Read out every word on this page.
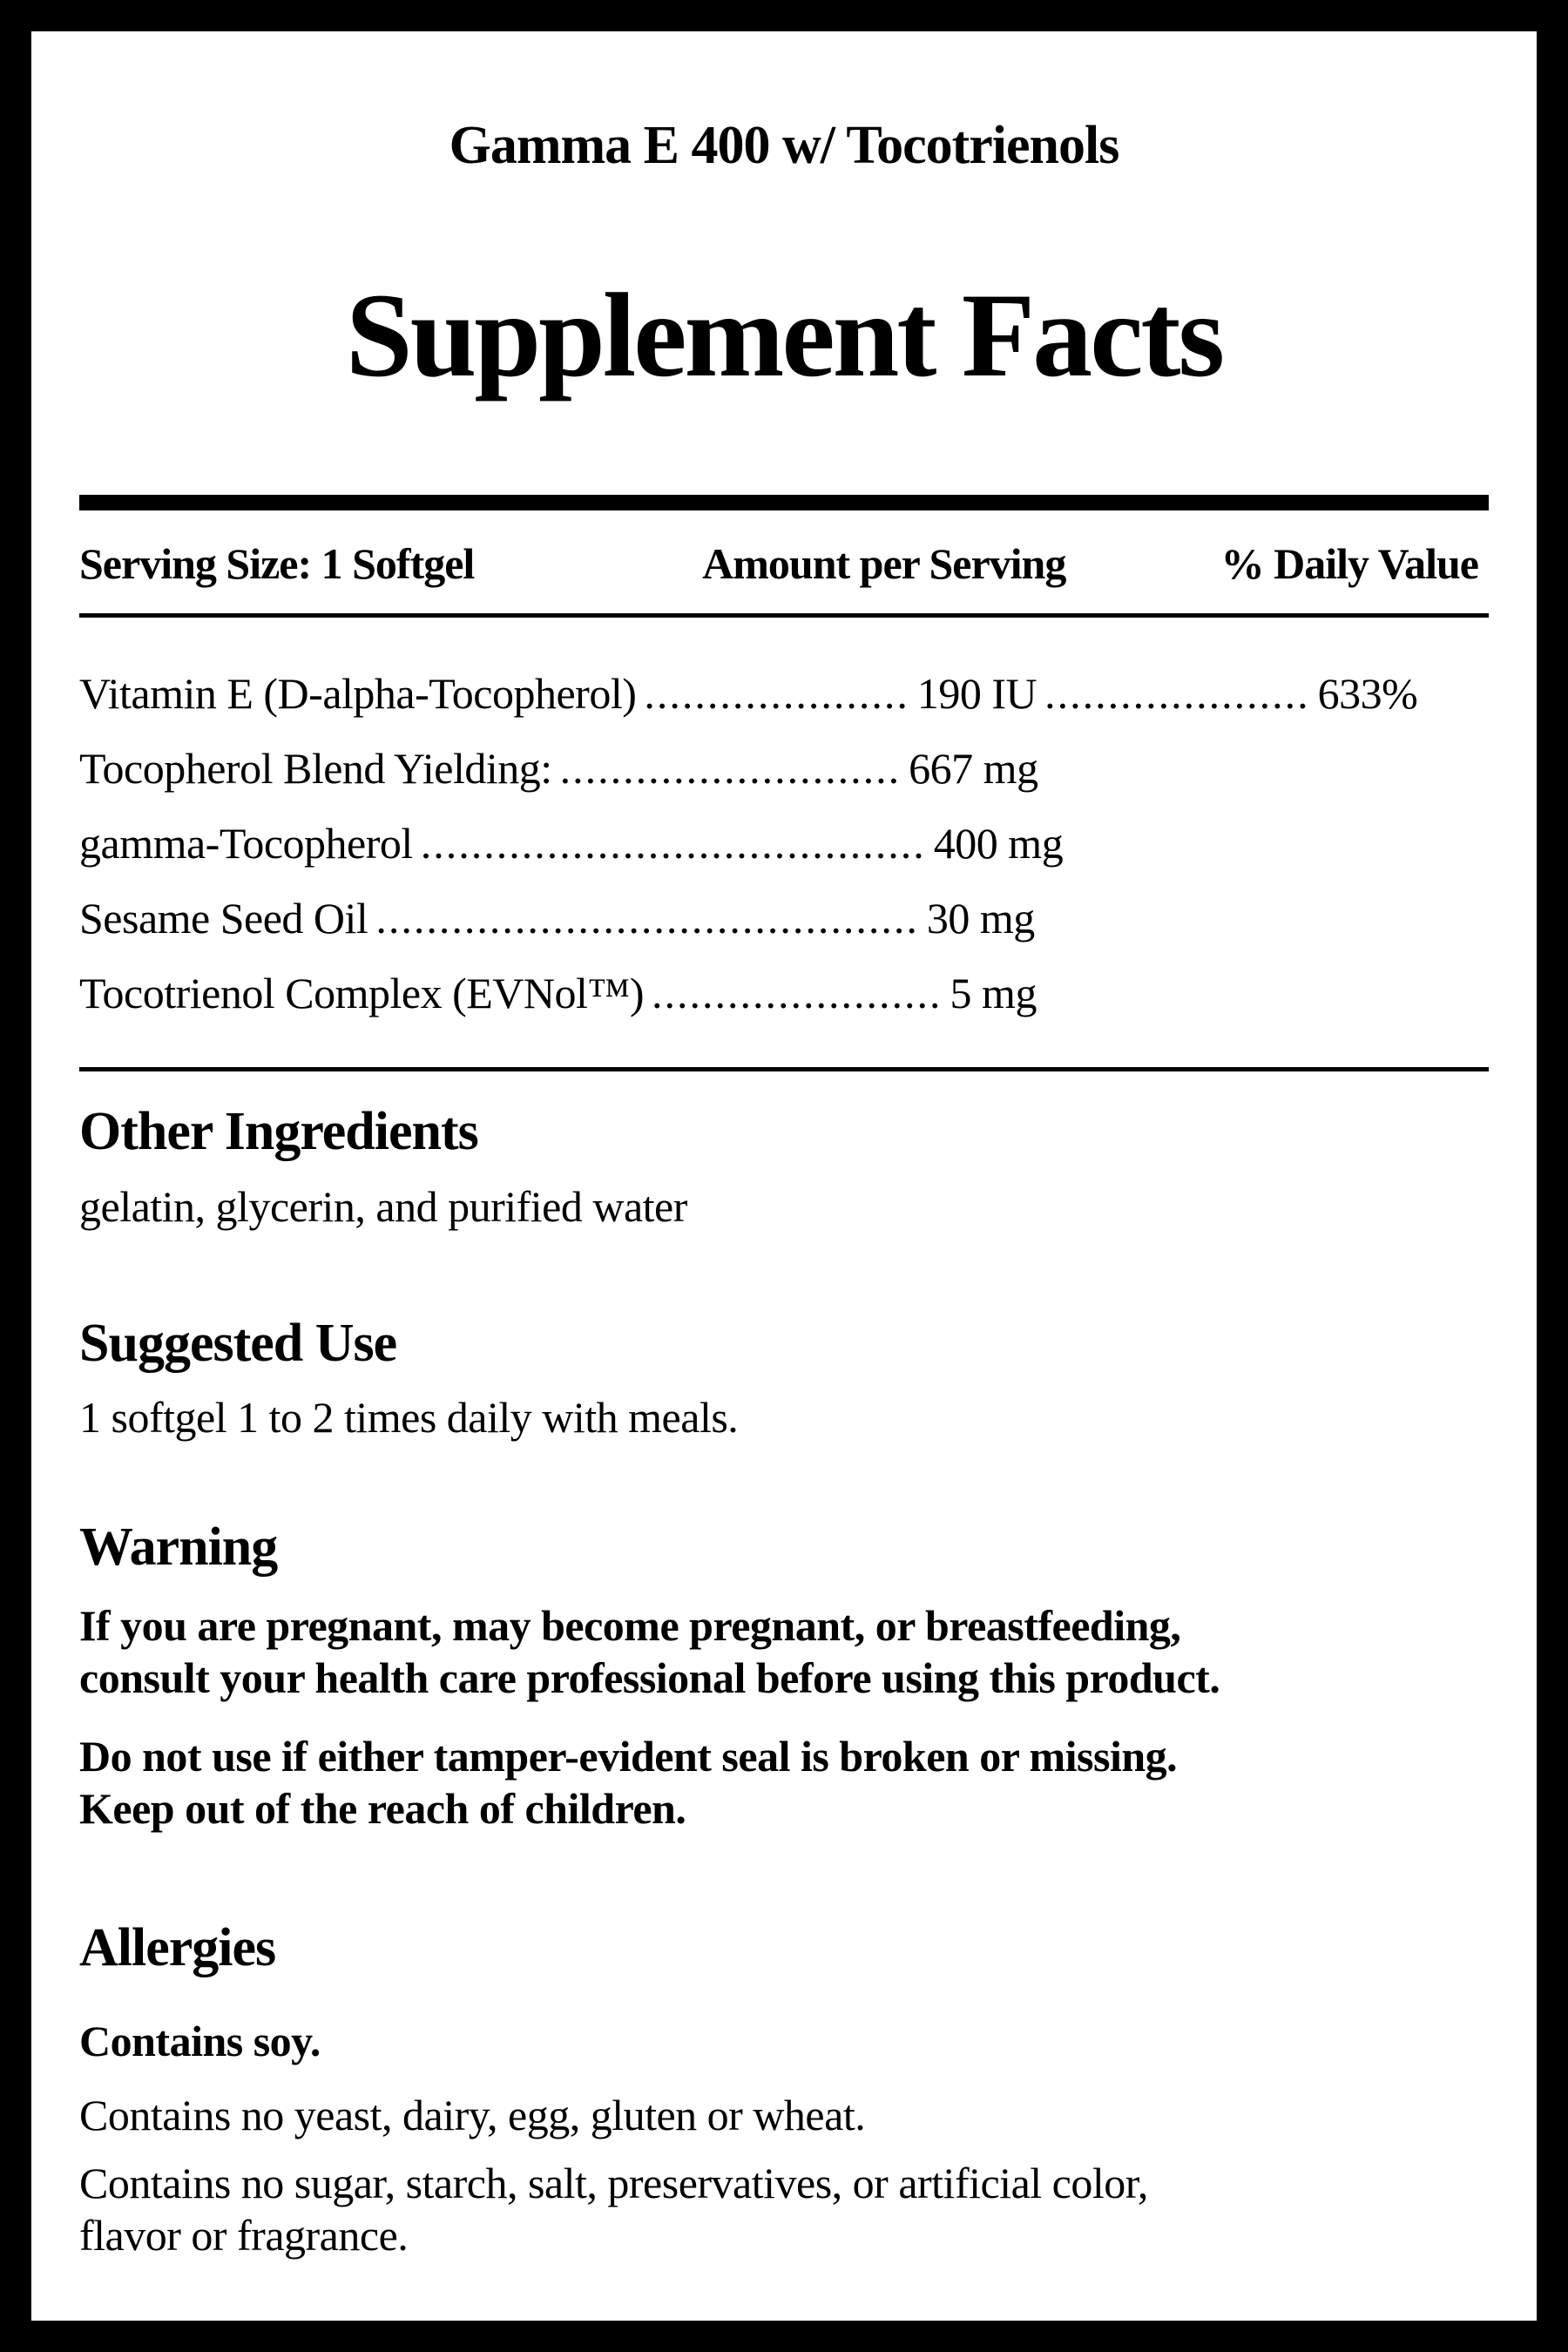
Gamma E 400 w/ Tocotrienols
Supplement Facts
Serving Size: 1 Softgel	Amount per Serving	% Daily Value
Vitamin E (D-alpha-Tocopherol) ..................... 190 IU ..................... 633%
Tocopherol Blend Yielding: ........................... 667 mg
gamma-Tocopherol ........................................ 400 mg
Sesame Seed Oil ........................................... 30 mg
Tocotrienol Complex (EVNol™) ....................... 5 mg
Other Ingredients
gelatin, glycerin, and purified water
Suggested Use
1 softgel 1 to 2 times daily with meals.
Warning
If you are pregnant, may become pregnant, or breastfeeding,
consult your health care professional before using this product.
Do not use if either tamper-evident seal is broken or missing.
Keep out of the reach of children.
Allergies
Contains soy.
Contains no yeast, dairy, egg, gluten or wheat.
Contains no sugar, starch, salt, preservatives, or artificial color,
flavor or fragrance.
